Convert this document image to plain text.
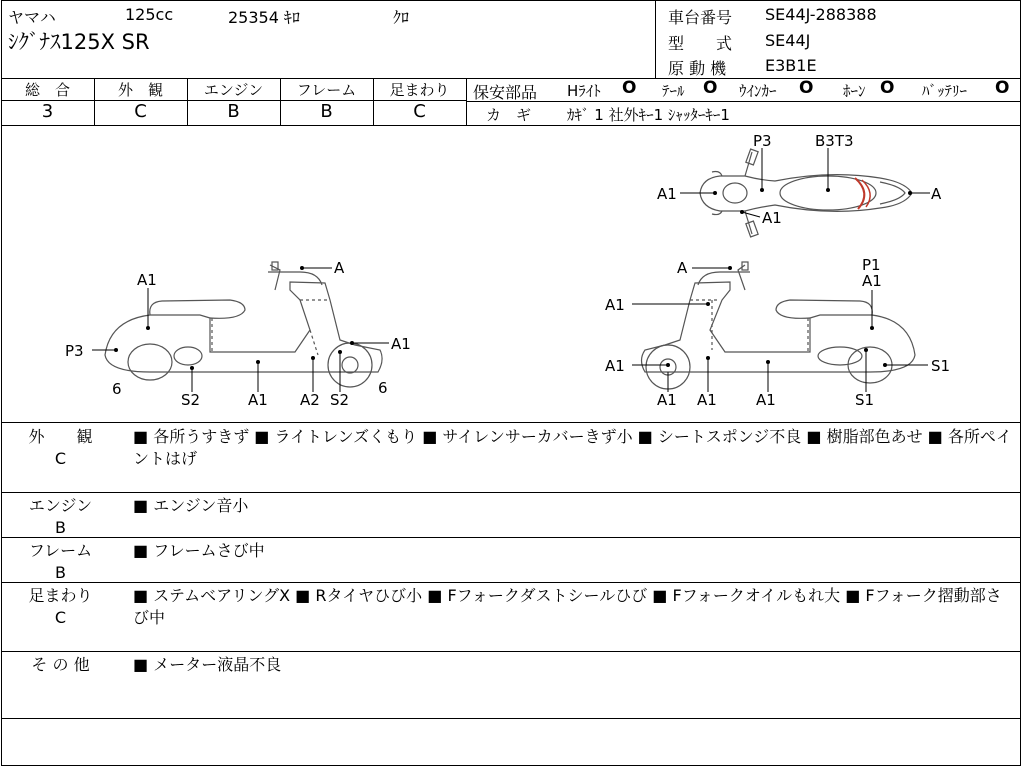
ヤマハ	125cc	25354 ｷﾛ	ｸﾛ
ｼｸﾞﾅｽ125X SR
車台番号 SE44J-288388
型　　式 SE44J
原 動 機 E3B1E
総　合	外　観	エンジン	フレーム	足まわり
3	C	B	B	C
保安部品 Hﾗｲﾄ O ﾃｰﾙ O ｳｲﾝｶｰ O ﾎｰﾝ O ﾊﾞｯﾃﾘｰ O
カ　ギ ｶｷﾞ 1 社外ｷｰ1 ｼｬｯﾀｰｷｰ1
P3	B3T3
A1
A1
A
A
A1
P3	A1
6	6
S2	A1 A2 S2
A	P1
A1
A1
A1	S1
A1 A1	A1	S1
外　　観
C
■ 各所うすきず ■ ライトレンズくもり ■ サイレンサーカバーきず小 ■ シートスポンジ不良 ■ 樹脂部色あせ ■ 各所ペイントはげ
エンジン
B
■ エンジン音小
フレーム
B
■ フレームさび中
足まわり
C
■ ステムベアリングX ■ Rタイヤひび小 ■ Fフォークダストシールひび ■ Fフォークオイルもれ大 ■ Fフォーク摺動部さび中
そ の 他	■ メーター液晶不良
